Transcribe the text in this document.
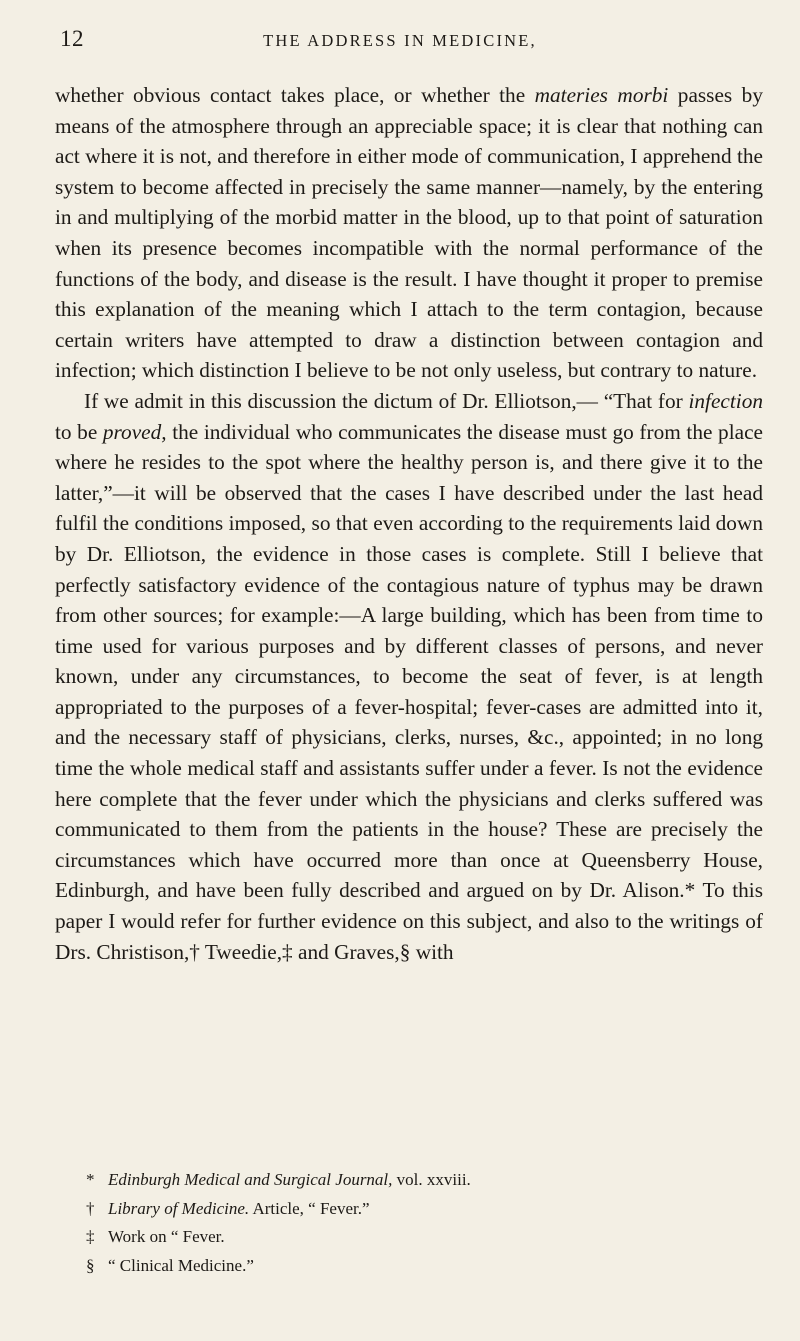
12	THE ADDRESS IN MEDICINE,

whether obvious contact takes place, or whether the materies morbi passes by means of the atmosphere through an appreciable space; it is clear that nothing can act where it is not, and therefore in either mode of communication, I apprehend the system to become affected in precisely the same manner—namely, by the entering in and multiplying of the morbid matter in the blood, up to that point of saturation when its presence becomes incompatible with the normal performance of the functions of the body, and disease is the result. I have thought it proper to premise this explanation of the meaning which I attach to the term contagion, because certain writers have attempted to draw a distinction between contagion and infection; which distinction I believe to be not only useless, but contrary to nature.

If we admit in this discussion the dictum of Dr. Elliotson,— “That for infection to be proved, the individual who communicates the disease must go from the place where he resides to the spot where the healthy person is, and there give it to the latter,”—it will be observed that the cases I have described under the last head fulfil the conditions imposed, so that even according to the requirements laid down by Dr. Elliotson, the evidence in those cases is complete. Still I believe that perfectly satisfactory evidence of the contagious nature of typhus may be drawn from other sources; for example:—A large building, which has been from time to time used for various purposes and by different classes of persons, and never known, under any circumstances, to become the seat of fever, is at length appropriated to the purposes of a fever-hospital; fever-cases are admitted into it, and the necessary staff of physicians, clerks, nurses, &c., appointed; in no long time the whole medical staff and assistants suffer under a fever. Is not the evidence here complete that the fever under which the physicians and clerks suffered was communicated to them from the patients in the house? These are precisely the circumstances which have occurred more than once at Queensberry House, Edinburgh, and have been fully described and argued on by Dr. Alison.* To this paper I would refer for further evidence on this subject, and also to the writings of Drs. Christison,† Tweedie,‡ and Graves,§ with

* Edinburgh Medical and Surgical Journal, vol. xxviii.
† Library of Medicine. Article, “ Fever.”
‡ Work on “ Fever.
§ “ Clinical Medicine.”
